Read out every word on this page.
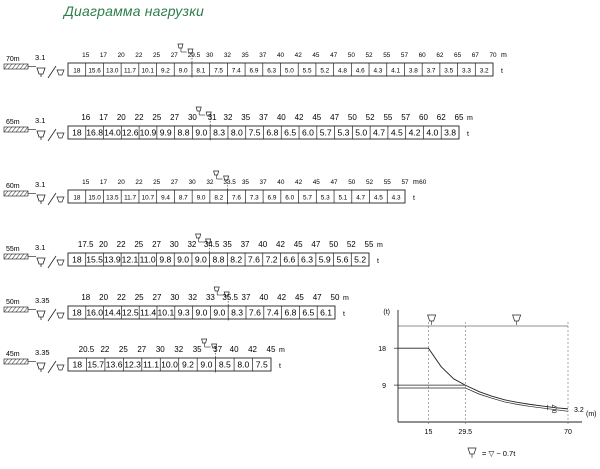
Диаграмма нагрузки
70m 3.1	15 17 20 22 25 27 29.5 30 32 35 37 40 42 45 47 50 52 55 57 60 62 65 67 70
18 15.6 13.0 11.7 10.1 9.2 9.0 8.1 7.5 7.4 6.9 6.3 5.0 5.5 5.2 4.8 4.6 4.3 4.1 3.8 3.7 3.5 3.3 3.2
m
t
65m 3.1	16 17 20 22 25 27 30 31 32 35 37 40 42 45 47 50 52 55 57 60 62 65
18 16.8 14.0 12.6 10.9 9.9 8.8 9.0 8.3 8.0 7.5 6.8 6.5 6.0 5.7 5.3 5.0 4.7 4.5 4.2 4.0 3.8
m
t
60m 3.1	15 17 20 22 25 27 30 32 33.5 35 37 40 42 45 47 50 52 55 57 60
18 15.0 13.5 11.7 10.7 9.4 8.7 9.0 8.2 7.6 7.3 6.9 6.0 5.7 5.3 5.1 4.7 4.5 4.3
m
t
55m 3.1	17.5 20 22 25 27 30 32 34.5 35 37 40 42 45 47 50 52 55
18 15.5 13.9 12.1 11.0 9.8 9.0 9.0 8.8 8.2 7.6 7.2 6.6 6.3 5.9 5.6 5.2
m
t
50m 3.35	18 20 22 25 27 30 32 33 35.5 37 40 42 45 47 50
18 16.0 14.4 12.5 11.4 10.1 9.3 9.0 9.0 8.3 7.6 7.4 6.8 6.5 6.1
m
t
45m 3.35	20.5 22 25 27 30 32 35 37 40 42 45
18 15.7 13.6 12.3 11.1 10.0 9.2 9.0 8.5 8.0 7.5
m
t
(t)
(m)
18
9
15	29.5	70
0.7 3.2
= ▽ − 0.7t
